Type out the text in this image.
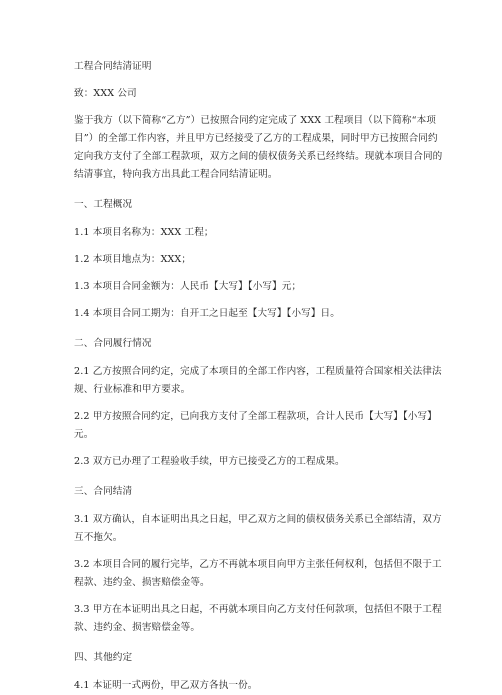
工程合同结清证明

致：XXX 公司

鉴于我方（以下简称“乙方”）已按照合同约定完成了 XXX 工程项目（以下简称“本项目”）的全部工作内容，并且甲方已经接受了乙方的工程成果，同时甲方已按照合同约定向我方支付了全部工程款项，双方之间的债权债务关系已经终结。现就本项目合同的结清事宜，特向我方出具此工程合同结清证明。

一、工程概况

1.1 本项目名称为：XXX 工程；

1.2 本项目地点为：XXX；

1.3 本项目合同金额为：人民币【大写】【小写】元；

1.4 本项目合同工期为：自开工之日起至【大写】【小写】日。

二、合同履行情况

2.1 乙方按照合同约定，完成了本项目的全部工作内容，工程质量符合国家相关法律法规、行业标准和甲方要求。

2.2 甲方按照合同约定，已向我方支付了全部工程款项，合计人民币【大写】【小写】元。

2.3 双方已办理了工程验收手续，甲方已接受乙方的工程成果。

三、合同结清

3.1 双方确认，自本证明出具之日起，甲乙双方之间的债权债务关系已全部结清，双方互不拖欠。

3.2 本项目合同的履行完毕，乙方不再就本项目向甲方主张任何权利，包括但不限于工程款、违约金、损害赔偿金等。

3.3 甲方在本证明出具之日起，不再就本项目向乙方支付任何款项，包括但不限于工程款、违约金、损害赔偿金等。

四、其他约定

4.1 本证明一式两份，甲乙双方各执一份。
